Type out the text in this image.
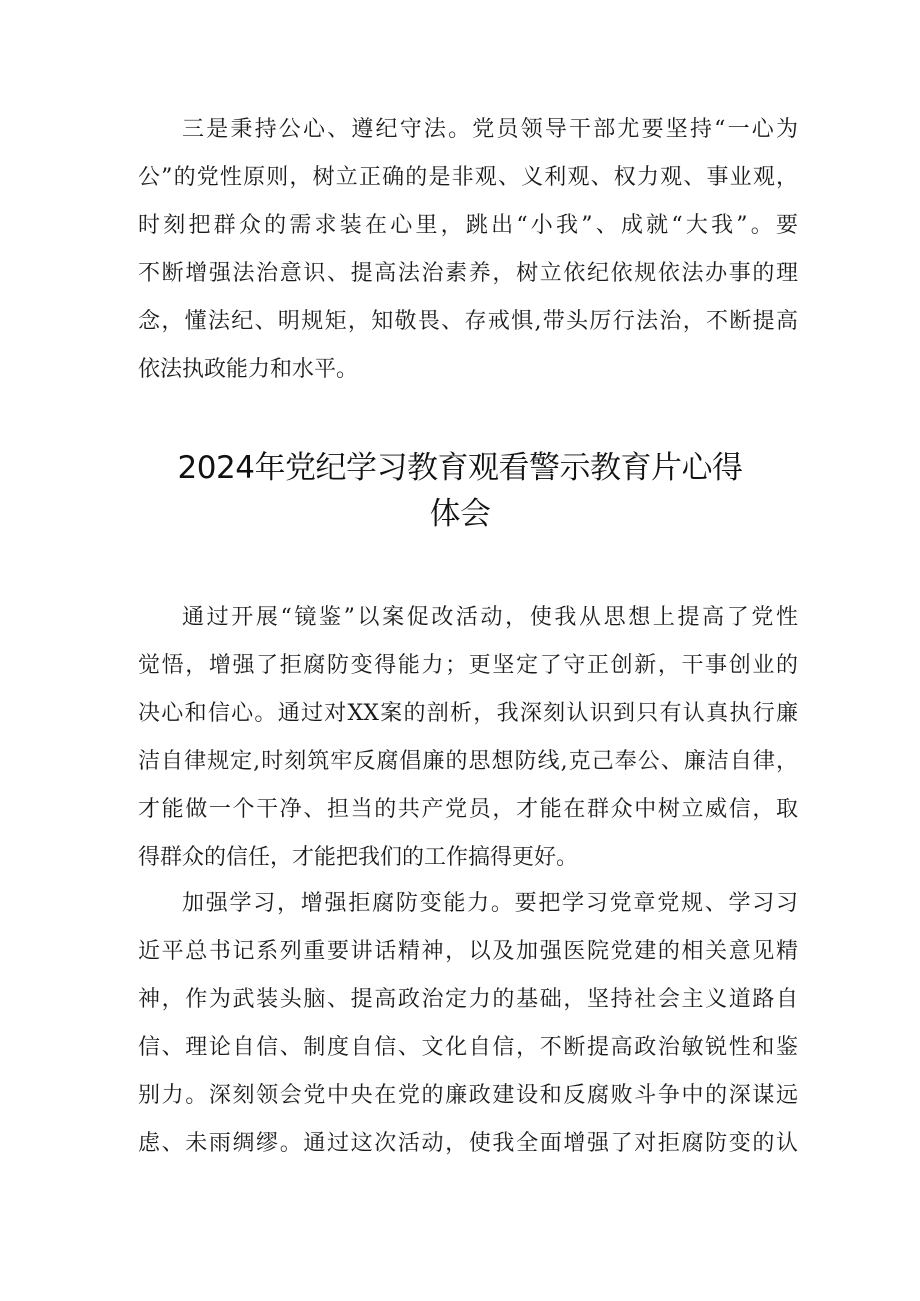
三是秉持公心、遵纪守法。党员领导干部尤要坚持“一心为
公”的党性原则，树立正确的是非观、义利观、权力观、事业观，
时刻把群众的需求装在心里，跳出“小我”、成就“大我”。要
不断增强法治意识、提高法治素养，树立依纪依规依法办事的理
念，懂法纪、明规矩，知敬畏、存戒惧,带头厉行法治，不断提高
依法执政能力和水平。
2024年党纪学习教育观看警示教育片心得
体会
通过开展“镜鉴”以案促改活动，使我从思想上提高了党性
觉悟，增强了拒腐防变得能力；更坚定了守正创新，干事创业的
决心和信心。通过对XX案的剖析，我深刻认识到只有认真执行廉
洁自律规定,时刻筑牢反腐倡廉的思想防线,克己奉公、廉洁自律，
才能做一个干净、担当的共产党员，才能在群众中树立威信，取
得群众的信任，才能把我们的工作搞得更好。
加强学习，增强拒腐防变能力。要把学习党章党规、学习习
近平总书记系列重要讲话精神，以及加强医院党建的相关意见精
神，作为武装头脑、提高政治定力的基础，坚持社会主义道路自
信、理论自信、制度自信、文化自信，不断提高政治敏锐性和鉴
别力。深刻领会党中央在党的廉政建设和反腐败斗争中的深谋远
虑、未雨绸缪。通过这次活动，使我全面增强了对拒腐防变的认
